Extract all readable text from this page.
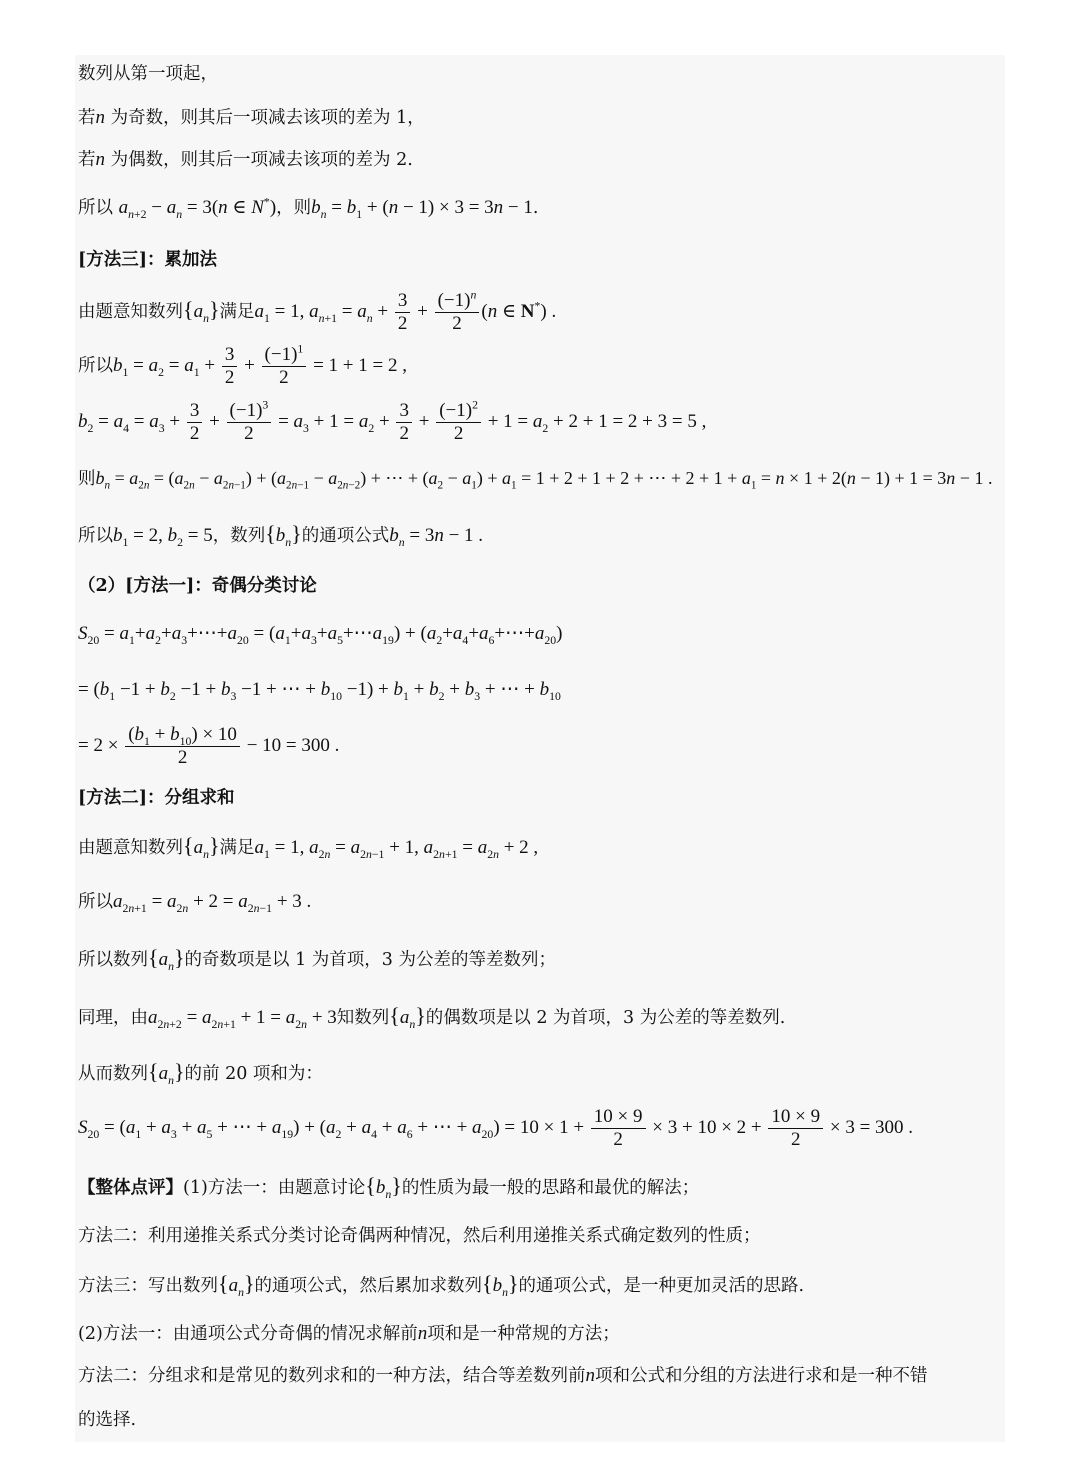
数列从第一项起，
若n 为奇数，则其后一项减去该项的差为 1，
若n 为偶数，则其后一项减去该项的差为 2.
所以 $a_{n+2} - a_n = 3(n$ ∈ N*)，则$b_n = b_1 + (n - 1) \times 3 = 3n - 1$.
[方法三]：累加法
由题意知数列$\{a_n\}$满足$a_1 = 1$, $a_{n+1} = a_n + \frac{3}{2} + \frac{(-1)^n}{2} (n$ ∈ N*) .
所以$b_1 = a_2 = a_1 + \frac{3}{2} + \frac{(-1)^1}{2} = 1 + 1 = 2$ ,
$b_2 = a_4 = a_3 + \frac{3}{2} + \frac{(-1)^3}{2} = a_3 + 1 = a_2 + \frac{3}{2} + \frac{(-1)^2}{2} + 1 = a_2 + 2 + 1 = 2 + 3 = 5$ ,
则$b_n = a_{2n} = (a_{2n} - a_{2n-1}) + (a_{2n-1} - a_{2n-2})$ + ⋯ + $(a_2 - a_1) + a_1 = 1 + 2 + 1 + 2$ + ⋯ + $2 + 1 + a_1 = n \times 1 + 2(n - 1) + 1 = 3n - 1$ .
所以$b_1 = 2$, $b_2 = 5$，数列$\{b_n\}$的通项公式$b_n = 3n - 1$ .
（2）[方法一]：奇偶分类讨论
$S_{20}$ = $a_1+a_2+a_3+\cdots+a_{20}$ = $(a_1+a_3+a_5+\cdots a_{19})$ + $(a_2+a_4+a_6+\cdots+a_{20})$
= ($b_1 -1 + b_2 -1 + b_3 -1$ + ⋯ + $b_{10} -1) + b_1 + b_2 + b_3$ + ⋯ + $b_{10}$
= $2 \times \frac{(b_1 + b_{10}) \times 10}{2} - 10 = 300$ .
[方法二]：分组求和
由题意知数列$\{a_n\}$满足$a_1 = 1$, $a_{2n} = a_{2n-1} + 1$, $a_{2n+1} = a_{2n} + 2$ ,
所以$a_{2n+1} = a_{2n} + 2 = a_{2n-1} + 3$ .
所以数列$\{a_n\}$的奇数项是以 1 为首项，3 为公差的等差数列；
同理，由$a_{2n+2} = a_{2n+1} + 1 = a_{2n} + 3$知数列$\{a_n\}$的偶数项是以 2 为首项，3 为公差的等差数列.
从而数列$\{a_n\}$的前 20 项和为：
$S_{20} = (a_1 + a_3 + a_5$ + ⋯ + $a_{19}) + (a_2 + a_4 + a_6$ + ⋯ + $a_{20}) = 10 \times 1 + \frac{10 \times 9}{2} \times 3 + 10 \times 2 + \frac{10 \times 9}{2} \times 3 = 300$ .
【整体点评】(1)方法一：由题意讨论$\{b_n\}$的性质为最一般的思路和最优的解法；
方法二：利用递推关系式分类讨论奇偶两种情况，然后利用递推关系式确定数列的性质；
方法三：写出数列$\{a_n\}$的通项公式，然后累加求数列$\{b_n\}$的通项公式，是一种更加灵活的思路.
(2)方法一：由通项公式分奇偶的情况求解前n项和是一种常规的方法；
方法二：分组求和是常见的数列求和的一种方法，结合等差数列前n项和公式和分组的方法进行求和是一种不错
的选择.
